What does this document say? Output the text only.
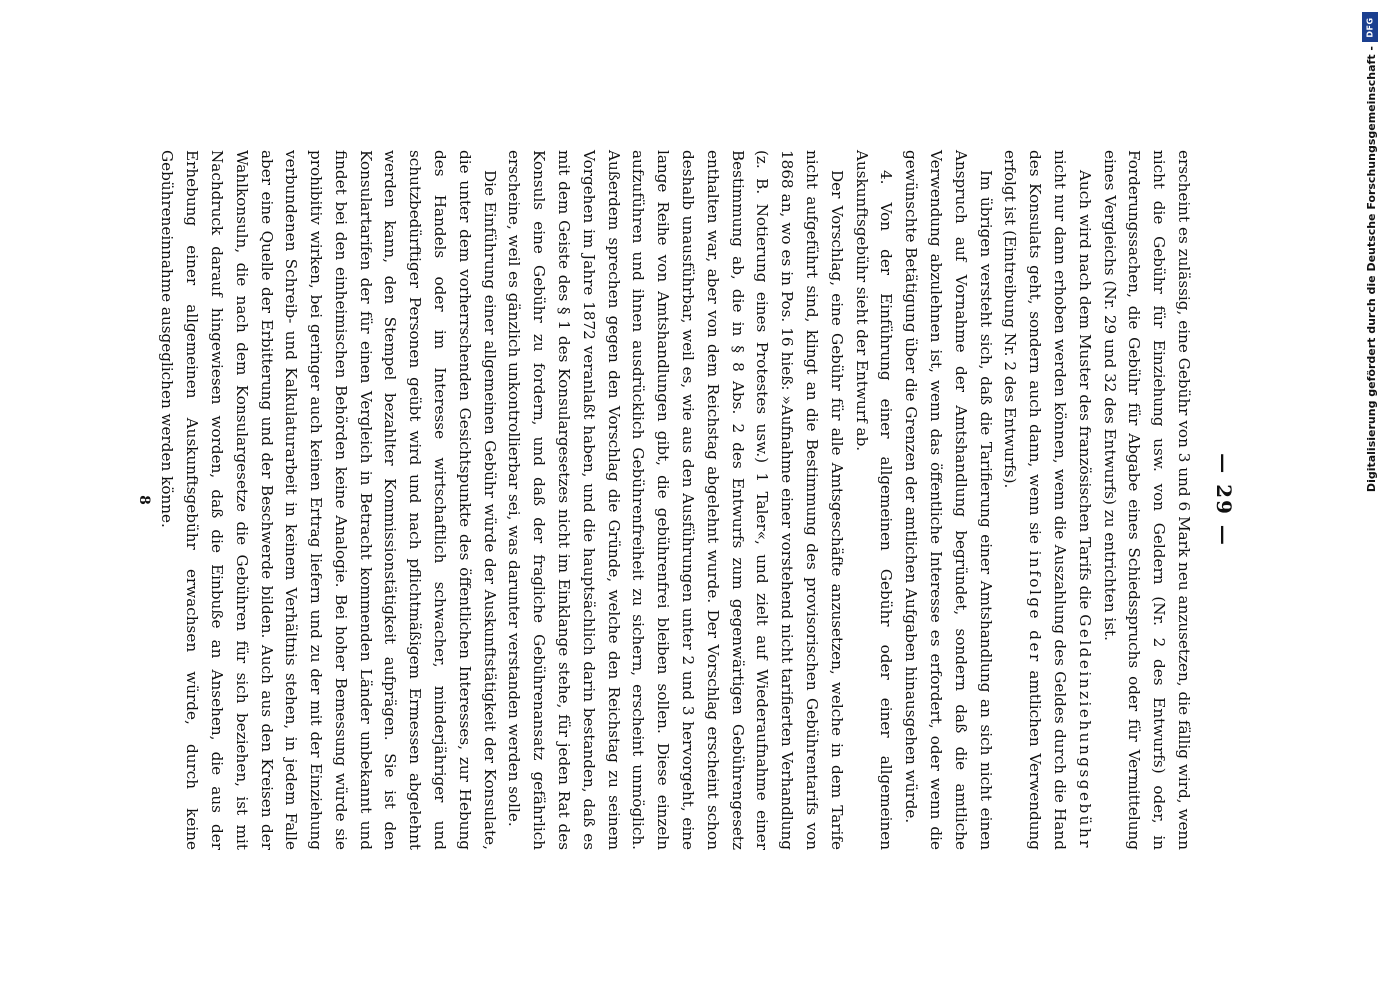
— 29 —

erscheint es zulässig, eine Gebühr von 3 und 6 Mark neu anzusetzen, die fällig wird, wenn nicht die Gebühr für Einziehung usw. von Geldern (Nr. 2 des Entwurfs) oder, in Forderungssachen, die Gebühr für Abgabe eines Schiedsspruchs oder für Vermittelung eines Vergleichs (Nr. 29 und 32 des Entwurfs) zu entrichten ist.

Auch wird nach dem Muster des französischen Tarifs die Geldeinziehungsgebühr nicht nur dann erhoben werden können, wenn die Auszahlung des Geldes durch die Hand des Konsulats geht, sondern auch dann, wenn sie infolge der amtlichen Verwendung erfolgt ist (Eintreibung Nr. 2 des Entwurfs).

Im übrigen versteht sich, daß die Tarifierung einer Amtshandlung an sich nicht einen Anspruch auf Vornahme der Amtshandlung begründet, sondern daß die amtliche Verwendung abzulehnen ist, wenn das öffentliche Interesse es erfordert, oder wenn die gewünschte Betätigung über die Grenzen der amtlichen Aufgaben hinausgehen würde.

4. Von der Einführung einer allgemeinen Gebühr oder einer allgemeinen Auskunftsgebühr sieht der Entwurf ab.

Der Vorschlag, eine Gebühr für alle Amtsgeschäfte anzusetzen, welche in dem Tarife nicht aufgeführt sind, klingt an die Bestimmung des provisorischen Gebührentarifs von 1868 an, wo es in Pos. 16 hieß: »Aufnahme einer vorstehend nicht tarifierten Verhandlung (z. B. Notierung eines Protestes usw.) 1 Taler«, und zielt auf Wiederaufnahme einer Bestimmung ab, die in § 8 Abs. 2 des Entwurfs zum gegenwärtigen Gebührengesetz enthalten war, aber von dem Reichstag abgelehnt wurde. Der Vorschlag erscheint schon deshalb unausführbar, weil es, wie aus den Ausführungen unter 2 und 3 hervorgeht, eine lange Reihe von Amtshandlungen gibt, die gebührenfrei bleiben sollen. Diese einzeln aufzuführen und ihnen ausdrücklich Gebührenfreiheit zu sichern, erscheint unmöglich. Außerdem sprechen gegen den Vorschlag die Gründe, welche den Reichstag zu seinem Vorgehen im Jahre 1872 veranlaßt haben, und die hauptsächlich darin bestanden, daß es mit dem Geiste des § 1 des Konsulargesetzes nicht im Einklange stehe, für jeden Rat des Konsuls eine Gebühr zu fordern, und daß der fragliche Gebührenansatz gefährlich erscheine, weil es gänzlich unkontrollierbar sei, was darunter verstanden werden solle.

Die Einführung einer allgemeinen Gebühr würde der Auskunftstätigkeit der Konsulate, die unter dem vorherrschenden Gesichtspunkte des öffentlichen Interesses, zur Hebung des Handels oder im Interesse wirtschaftlich schwacher, minderjähriger und schutzbedürftiger Personen geübt wird und nach pflichtmäßigem Ermessen abgelehnt werden kann, den Stempel bezahlter Kommissionstätigkeit aufprägen. Sie ist den Konsulartarifen der für einen Vergleich in Betracht kommenden Länder unbekannt und findet bei den einheimischen Behörden keine Analogie. Bei hoher Bemessung würde sie prohibitiv wirken, bei geringer auch keinen Ertrag liefern und zu der mit der Einziehung verbundenen Schreib- und Kalkulaturarbeit in keinem Verhältnis stehen, in jedem Falle aber eine Quelle der Erbitterung und der Beschwerde bilden. Auch aus den Kreisen der Wahlkonsuln, die nach dem Konsulargesetze die Gebühren für sich beziehen, ist mit Nachdruck darauf hingewiesen worden, daß die Einbuße an Ansehen, die aus der Erhebung einer allgemeinen Auskunftsgebühr erwachsen würde, durch keine Gebühreneinnahme ausgeglichen werden könne.

8
DFG
Digitalisierung gefördert durch die Deutsche Forschungsgemeinschaft -
